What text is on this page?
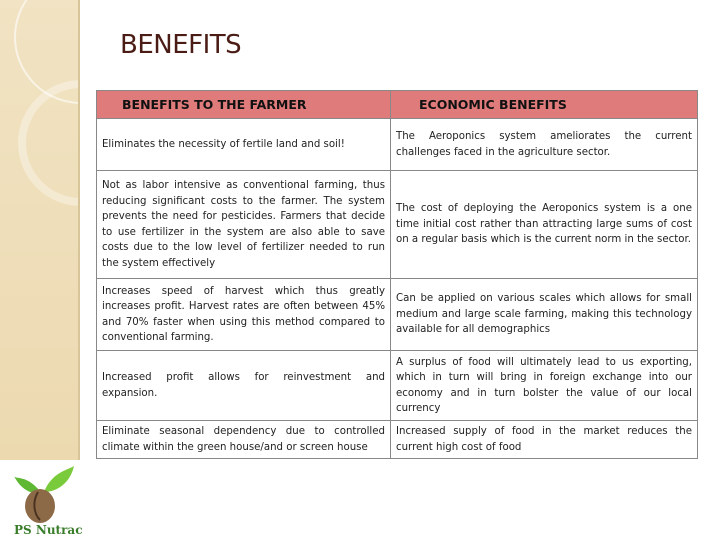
BENEFITS
BENEFITS TO THE FARMER	ECONOMIC BENEFITS
Eliminates the necessity of fertile land and soil!	The Aeroponics system ameliorates the current challenges faced in the agriculture sector.
Not as labor intensive as conventional farming, thus reducing significant costs to the farmer. The system prevents the need for pesticides. Farmers that decide to use fertilizer in the system are also able to save costs due to the low level of fertilizer needed to run the system effectively	The cost of deploying the Aeroponics system is a one time initial cost rather than attracting large sums of cost on a regular basis which is the current norm in the sector.
Increases speed of harvest which thus greatly increases profit. Harvest rates are often between 45% and 70% faster when using this method compared to conventional farming.	Can be applied on various scales which allows for small medium and large scale farming, making this technology available for all demographics
Increased profit allows for reinvestment and expansion.	A surplus of food will ultimately lead to us exporting, which in turn will bring in foreign exchange into our economy and in turn bolster the value of our local currency
Eliminate seasonal dependency due to controlled climate within the green house/and or screen house	Increased supply of food in the market reduces the current high cost of food
PS Nutrac
